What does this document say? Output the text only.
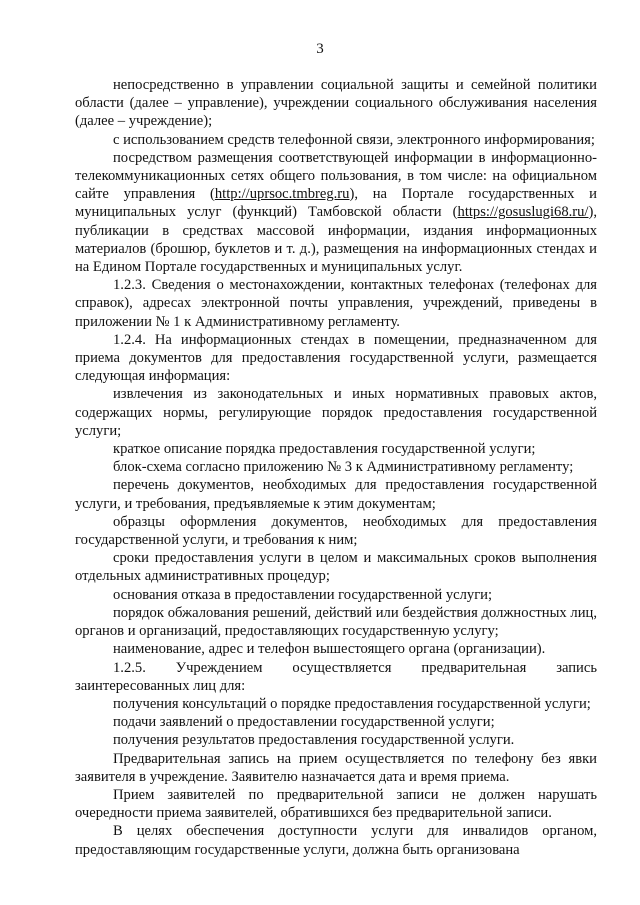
3

непосредственно в управлении социальной защиты и семейной политики области (далее – управление), учреждении социального обслуживания населения (далее – учреждение);

с использованием средств телефонной связи, электронного информирования;

посредством размещения соответствующей информации в информационно-телекоммуникационных сетях общего пользования, в том числе: на официальном сайте управления (http://uprsoc.tmbreg.ru), на Портале государственных и муниципальных услуг (функций) Тамбовской области (https://gosuslugi68.ru/), публикации в средствах массовой информации, издания информационных материалов (брошюр, буклетов и т. д.), размещения на информационных стендах и на Едином Портале государственных и муниципальных услуг.

1.2.3. Сведения о местонахождении, контактных телефонах (телефонах для справок), адресах электронной почты управления, учреждений, приведены в приложении № 1 к Административному регламенту.

1.2.4. На информационных стендах в помещении, предназначенном для приема документов для предоставления государственной услуги, размещается следующая информация:

извлечения из законодательных и иных нормативных правовых актов, содержащих нормы, регулирующие порядок предоставления государственной услуги;

краткое описание порядка предоставления государственной услуги;

блок-схема согласно приложению № 3 к Административному регламенту;

перечень документов, необходимых для предоставления государственной услуги, и требования, предъявляемые к этим документам;

образцы оформления документов, необходимых для предоставления государственной услуги, и требования к ним;

сроки предоставления услуги в целом и максимальных сроков выполнения отдельных административных процедур;

основания отказа в предоставлении государственной услуги;

порядок обжалования решений, действий или бездействия должностных лиц, органов и организаций, предоставляющих государственную услугу;

наименование, адрес и телефон вышестоящего органа (организации).

1.2.5. Учреждением осуществляется предварительная запись заинтересованных лиц для:

получения консультаций о порядке предоставления государственной услуги;

подачи заявлений о предоставлении государственной услуги;

получения результатов предоставления государственной услуги.

Предварительная запись на прием осуществляется по телефону без явки заявителя в учреждение. Заявителю назначается дата и время приема.

Прием заявителей по предварительной записи не должен нарушать очередности приема заявителей, обратившихся без предварительной записи.

В целях обеспечения доступности услуги для инвалидов органом, предоставляющим государственные услуги, должна быть организована
